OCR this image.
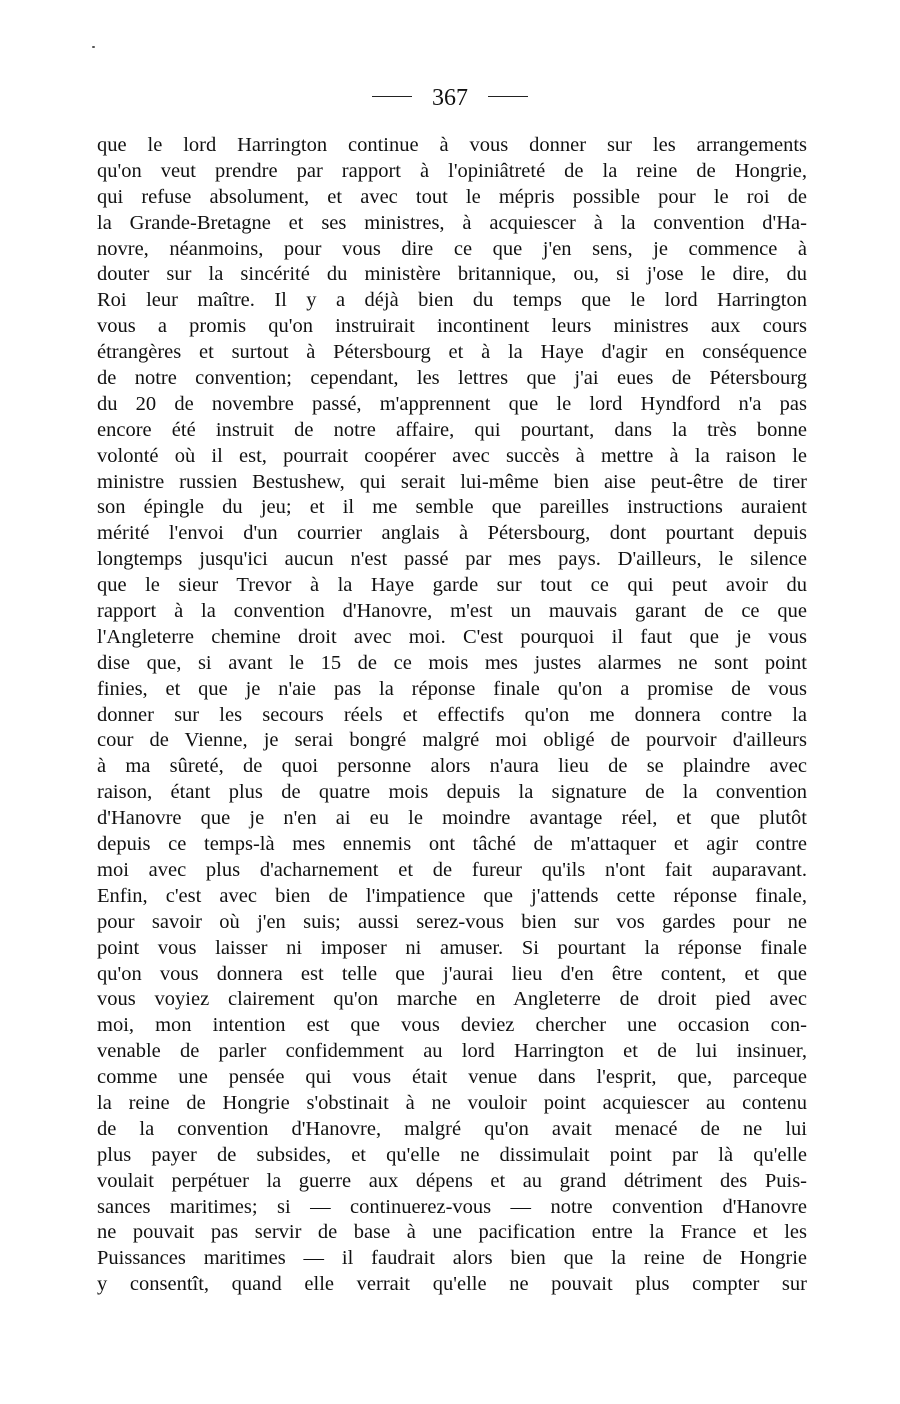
367
que le lord Harrington continue à vous donner sur les arrangements
qu'on veut prendre par rapport à l'opiniâtreté de la reine de Hongrie,
qui refuse absolument, et avec tout le mépris possible pour le roi de
la Grande-Bretagne et ses ministres, à acquiescer à la convention d'Ha-
novre, néanmoins, pour vous dire ce que j'en sens, je commence à
douter sur la sincérité du ministère britannique, ou, si j'ose le dire, du
Roi leur maître. Il y a déjà bien du temps que le lord Harrington
vous a promis qu'on instruirait incontinent leurs ministres aux cours
étrangères et surtout à Pétersbourg et à la Haye d'agir en conséquence
de notre convention; cependant, les lettres que j'ai eues de Pétersbourg
du 20 de novembre passé, m'apprennent que le lord Hyndford n'a pas
encore été instruit de notre affaire, qui pourtant, dans la très bonne
volonté où il est, pourrait coopérer avec succès à mettre à la raison le
ministre russien Bestushew, qui serait lui-même bien aise peut-être de tirer
son épingle du jeu; et il me semble que pareilles instructions auraient
mérité l'envoi d'un courrier anglais à Pétersbourg, dont pourtant depuis
longtemps jusqu'ici aucun n'est passé par mes pays. D'ailleurs, le silence
que le sieur Trevor à la Haye garde sur tout ce qui peut avoir du
rapport à la convention d'Hanovre, m'est un mauvais garant de ce que
l'Angleterre chemine droit avec moi. C'est pourquoi il faut que je vous
dise que, si avant le 15 de ce mois mes justes alarmes ne sont point
finies, et que je n'aie pas la réponse finale qu'on a promise de vous
donner sur les secours réels et effectifs qu'on me donnera contre la
cour de Vienne, je serai bongré malgré moi obligé de pourvoir d'ailleurs
à ma sûreté, de quoi personne alors n'aura lieu de se plaindre avec
raison, étant plus de quatre mois depuis la signature de la convention
d'Hanovre que je n'en ai eu le moindre avantage réel, et que plutôt
depuis ce temps-là mes ennemis ont tâché de m'attaquer et agir contre
moi avec plus d'acharnement et de fureur qu'ils n'ont fait auparavant.
Enfin, c'est avec bien de l'impatience que j'attends cette réponse finale,
pour savoir où j'en suis; aussi serez-vous bien sur vos gardes pour ne
point vous laisser ni imposer ni amuser. Si pourtant la réponse finale
qu'on vous donnera est telle que j'aurai lieu d'en être content, et que
vous voyiez clairement qu'on marche en Angleterre de droit pied avec
moi, mon intention est que vous deviez chercher une occasion con-
venable de parler confidemment au lord Harrington et de lui insinuer,
comme une pensée qui vous était venue dans l'esprit, que, parceque
la reine de Hongrie s'obstinait à ne vouloir point acquiescer au contenu
de la convention d'Hanovre, malgré qu'on avait menacé de ne lui
plus payer de subsides, et qu'elle ne dissimulait point par là qu'elle
voulait perpétuer la guerre aux dépens et au grand détriment des Puis-
sances maritimes; si — continuerez-vous — notre convention d'Hanovre
ne pouvait pas servir de base à une pacification entre la France et les
Puissances maritimes — il faudrait alors bien que la reine de Hongrie
y consentît, quand elle verrait qu'elle ne pouvait plus compter sur
